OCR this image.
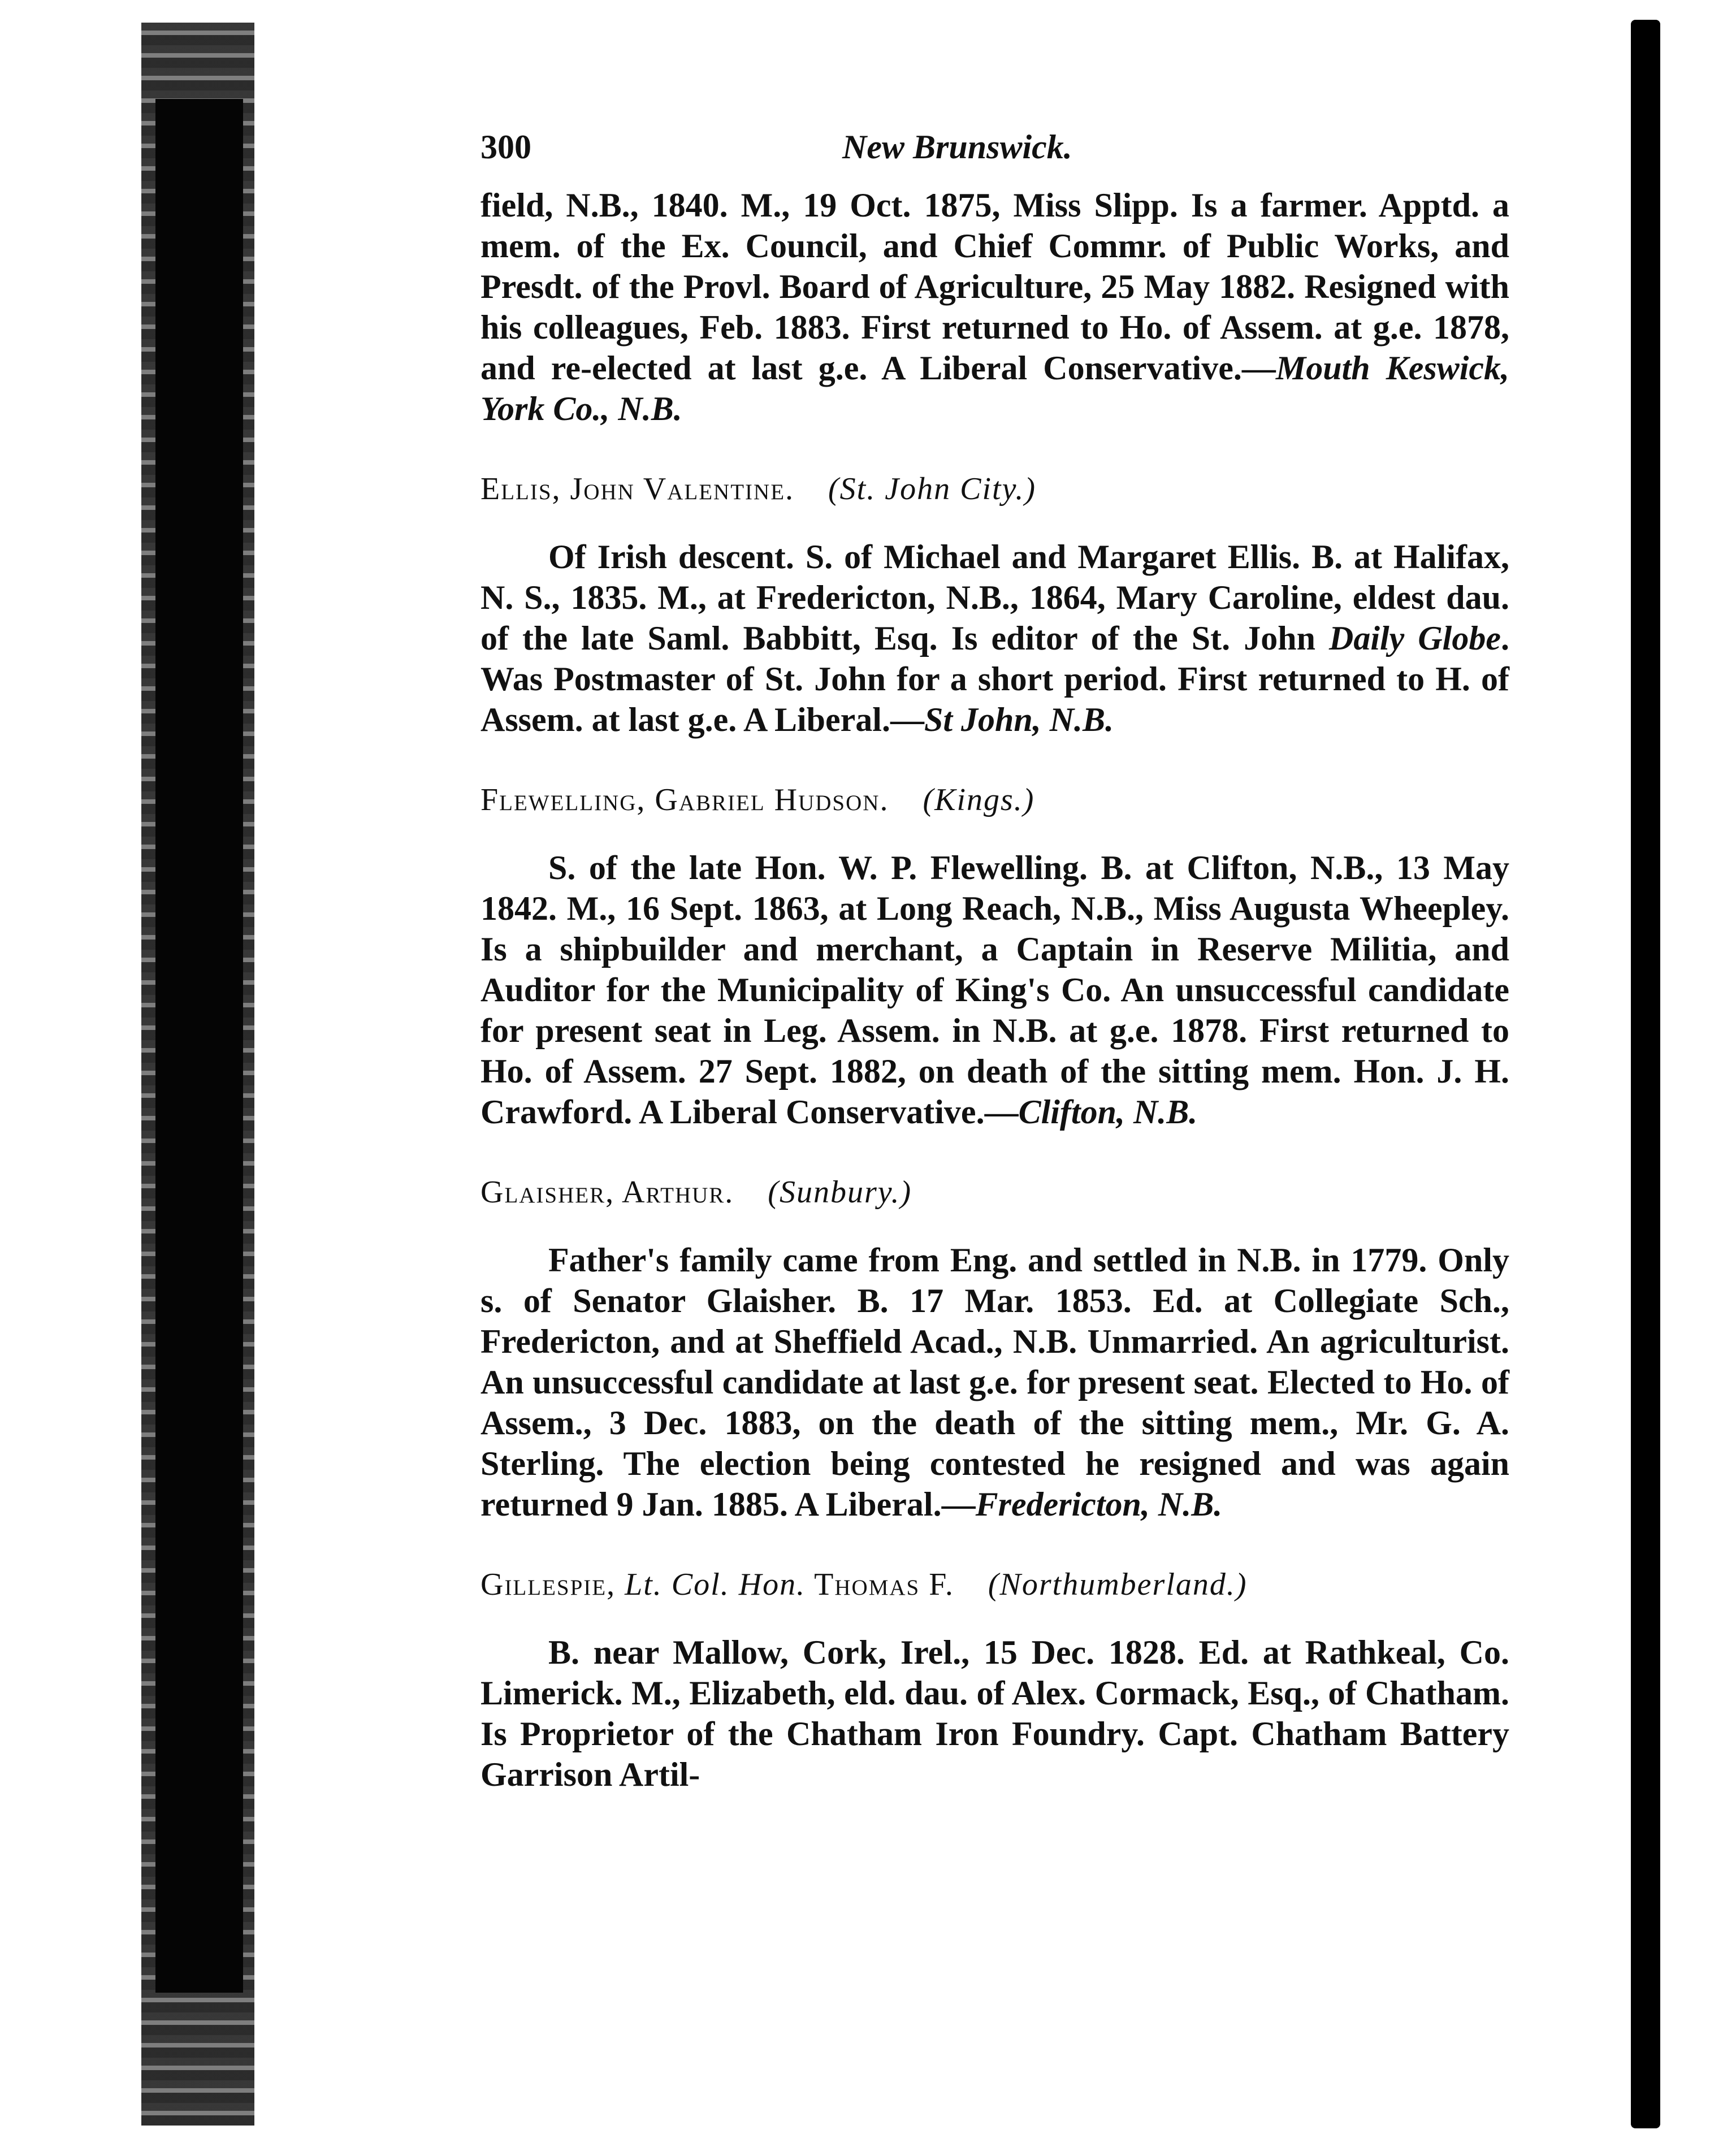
300	New Brunswick.

field, N.B., 1840. M., 19 Oct. 1875, Miss Slipp. Is a farmer. Apptd. a mem. of the Ex. Council, and Chief Commr. of Public Works, and Presdt. of the Provl. Board of Agriculture, 25 May 1882. Resigned with his colleagues, Feb. 1883. First returned to Ho. of Assem. at g.e. 1878, and re-elected at last g.e. A Liberal Conservative.—Mouth Keswick, York Co., N.B.

Ellis, John Valentine. (St. John City.)

Of Irish descent. S. of Michael and Margaret Ellis. B. at Halifax, N. S., 1835. M., at Fredericton, N.B., 1864, Mary Caroline, eldest dau. of the late Saml. Babbitt, Esq. Is editor of the St. John Daily Globe. Was Postmaster of St. John for a short period. First returned to H. of Assem. at last g.e. A Liberal.—St John, N.B.

Flewelling, Gabriel Hudson. (Kings.)

S. of the late Hon. W. P. Flewelling. B. at Clifton, N.B., 13 May 1842. M., 16 Sept. 1863, at Long Reach, N.B., Miss Augusta Wheepley. Is a shipbuilder and merchant, a Captain in Reserve Militia, and Auditor for the Municipality of King's Co. An unsuccessful candidate for present seat in Leg. Assem. in N.B. at g.e. 1878. First returned to Ho. of Assem. 27 Sept. 1882, on death of the sitting mem. Hon. J. H. Crawford. A Liberal Conservative.—Clifton, N.B.

Glaisher, Arthur. (Sunbury.)

Father's family came from Eng. and settled in N.B. in 1779. Only s. of Senator Glaisher. B. 17 Mar. 1853. Ed. at Collegiate Sch., Fredericton, and at Sheffield Acad., N.B. Unmarried. An agriculturist. An unsuccessful candidate at last g.e. for present seat. Elected to Ho. of Assem., 3 Dec. 1883, on the death of the sitting mem., Mr. G. A. Sterling. The election being contested he resigned and was again returned 9 Jan. 1885. A Liberal.—Fredericton, N.B.

Gillespie, Lt. Col. Hon. Thomas F. (Northumberland.)

B. near Mallow, Cork, Irel., 15 Dec. 1828. Ed. at Rathkeal, Co. Limerick. M., Elizabeth, eld. dau. of Alex. Cormack, Esq., of Chatham. Is Proprietor of the Chatham Iron Foundry. Capt. Chatham Battery Garrison Artil-
